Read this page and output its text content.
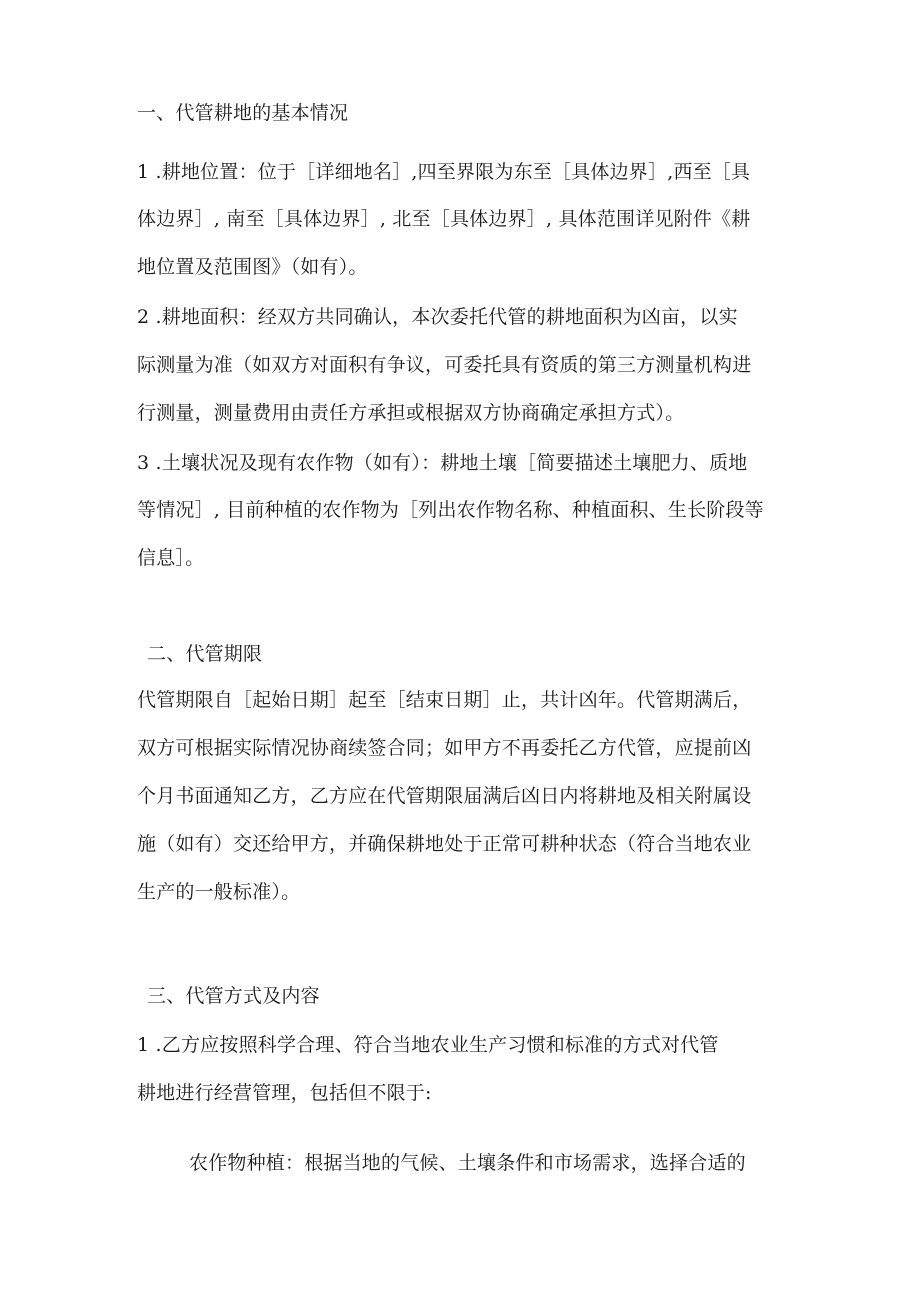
一、代管耕地的基本情况
1 .耕地位置：位于［详细地名］,四至界限为东至［具体边界］,西至［具
体边界］, 南至［具体边界］, 北至［具体边界］, 具体范围详见附件《耕
地位置及范围图》（如有）。
2 .耕地面积：经双方共同确认，本次委托代管的耕地面积为凶亩，以实
际测量为准（如双方对面积有争议，可委托具有资质的第三方测量机构进
行测量，测量费用由责任方承担或根据双方协商确定承担方式）。
3 .土壤状况及现有农作物（如有）：耕地土壤［简要描述土壤肥力、质地
等情况］, 目前种植的农作物为［列出农作物名称、种植面积、生长阶段等
信息］。
二、代管期限
代管期限自［起始日期］起至［结束日期］止，共计凶年。代管期满后，
双方可根据实际情况协商续签合同；如甲方不再委托乙方代管，应提前凶
个月书面通知乙方，乙方应在代管期限届满后凶日内将耕地及相关附属设
施（如有）交还给甲方，并确保耕地处于正常可耕种状态（符合当地农业
生产的一般标准）。
三、代管方式及内容
1 .乙方应按照科学合理、符合当地农业生产习惯和标准的方式对代管
耕地进行经营管理，包括但不限于:
农作物种植：根据当地的气候、土壤条件和市场需求，选择合适的
